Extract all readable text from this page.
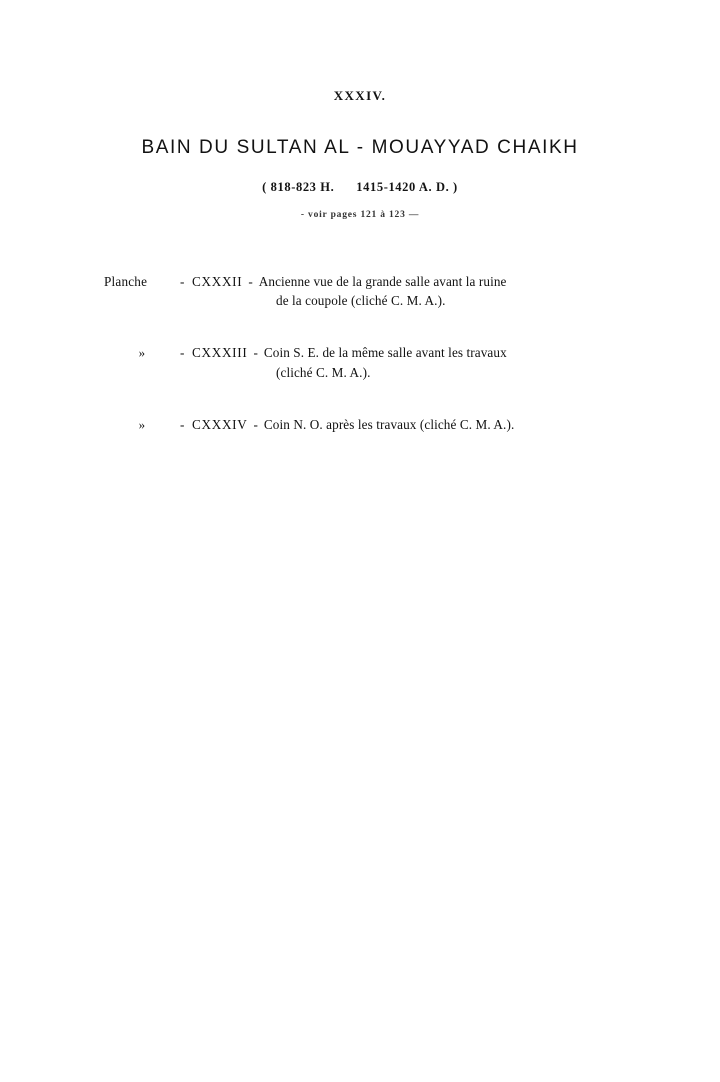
XXXIV.
BAIN DU SULTAN AL - MOUAYYAD CHAIKH
( 818-823 H. 1415-1420 A. D. )
- voir pages 121 à 123 —
Planche	- CXXXII - Ancienne vue de la grande salle avant la ruine
de la coupole (cliché C. M. A.).
»	- CXXXIII - Coin S. E. de la même salle avant les travaux
(cliché C. M. A.).
»	- CXXXIV - Coin N. O. après les travaux (cliché C. M. A.).
